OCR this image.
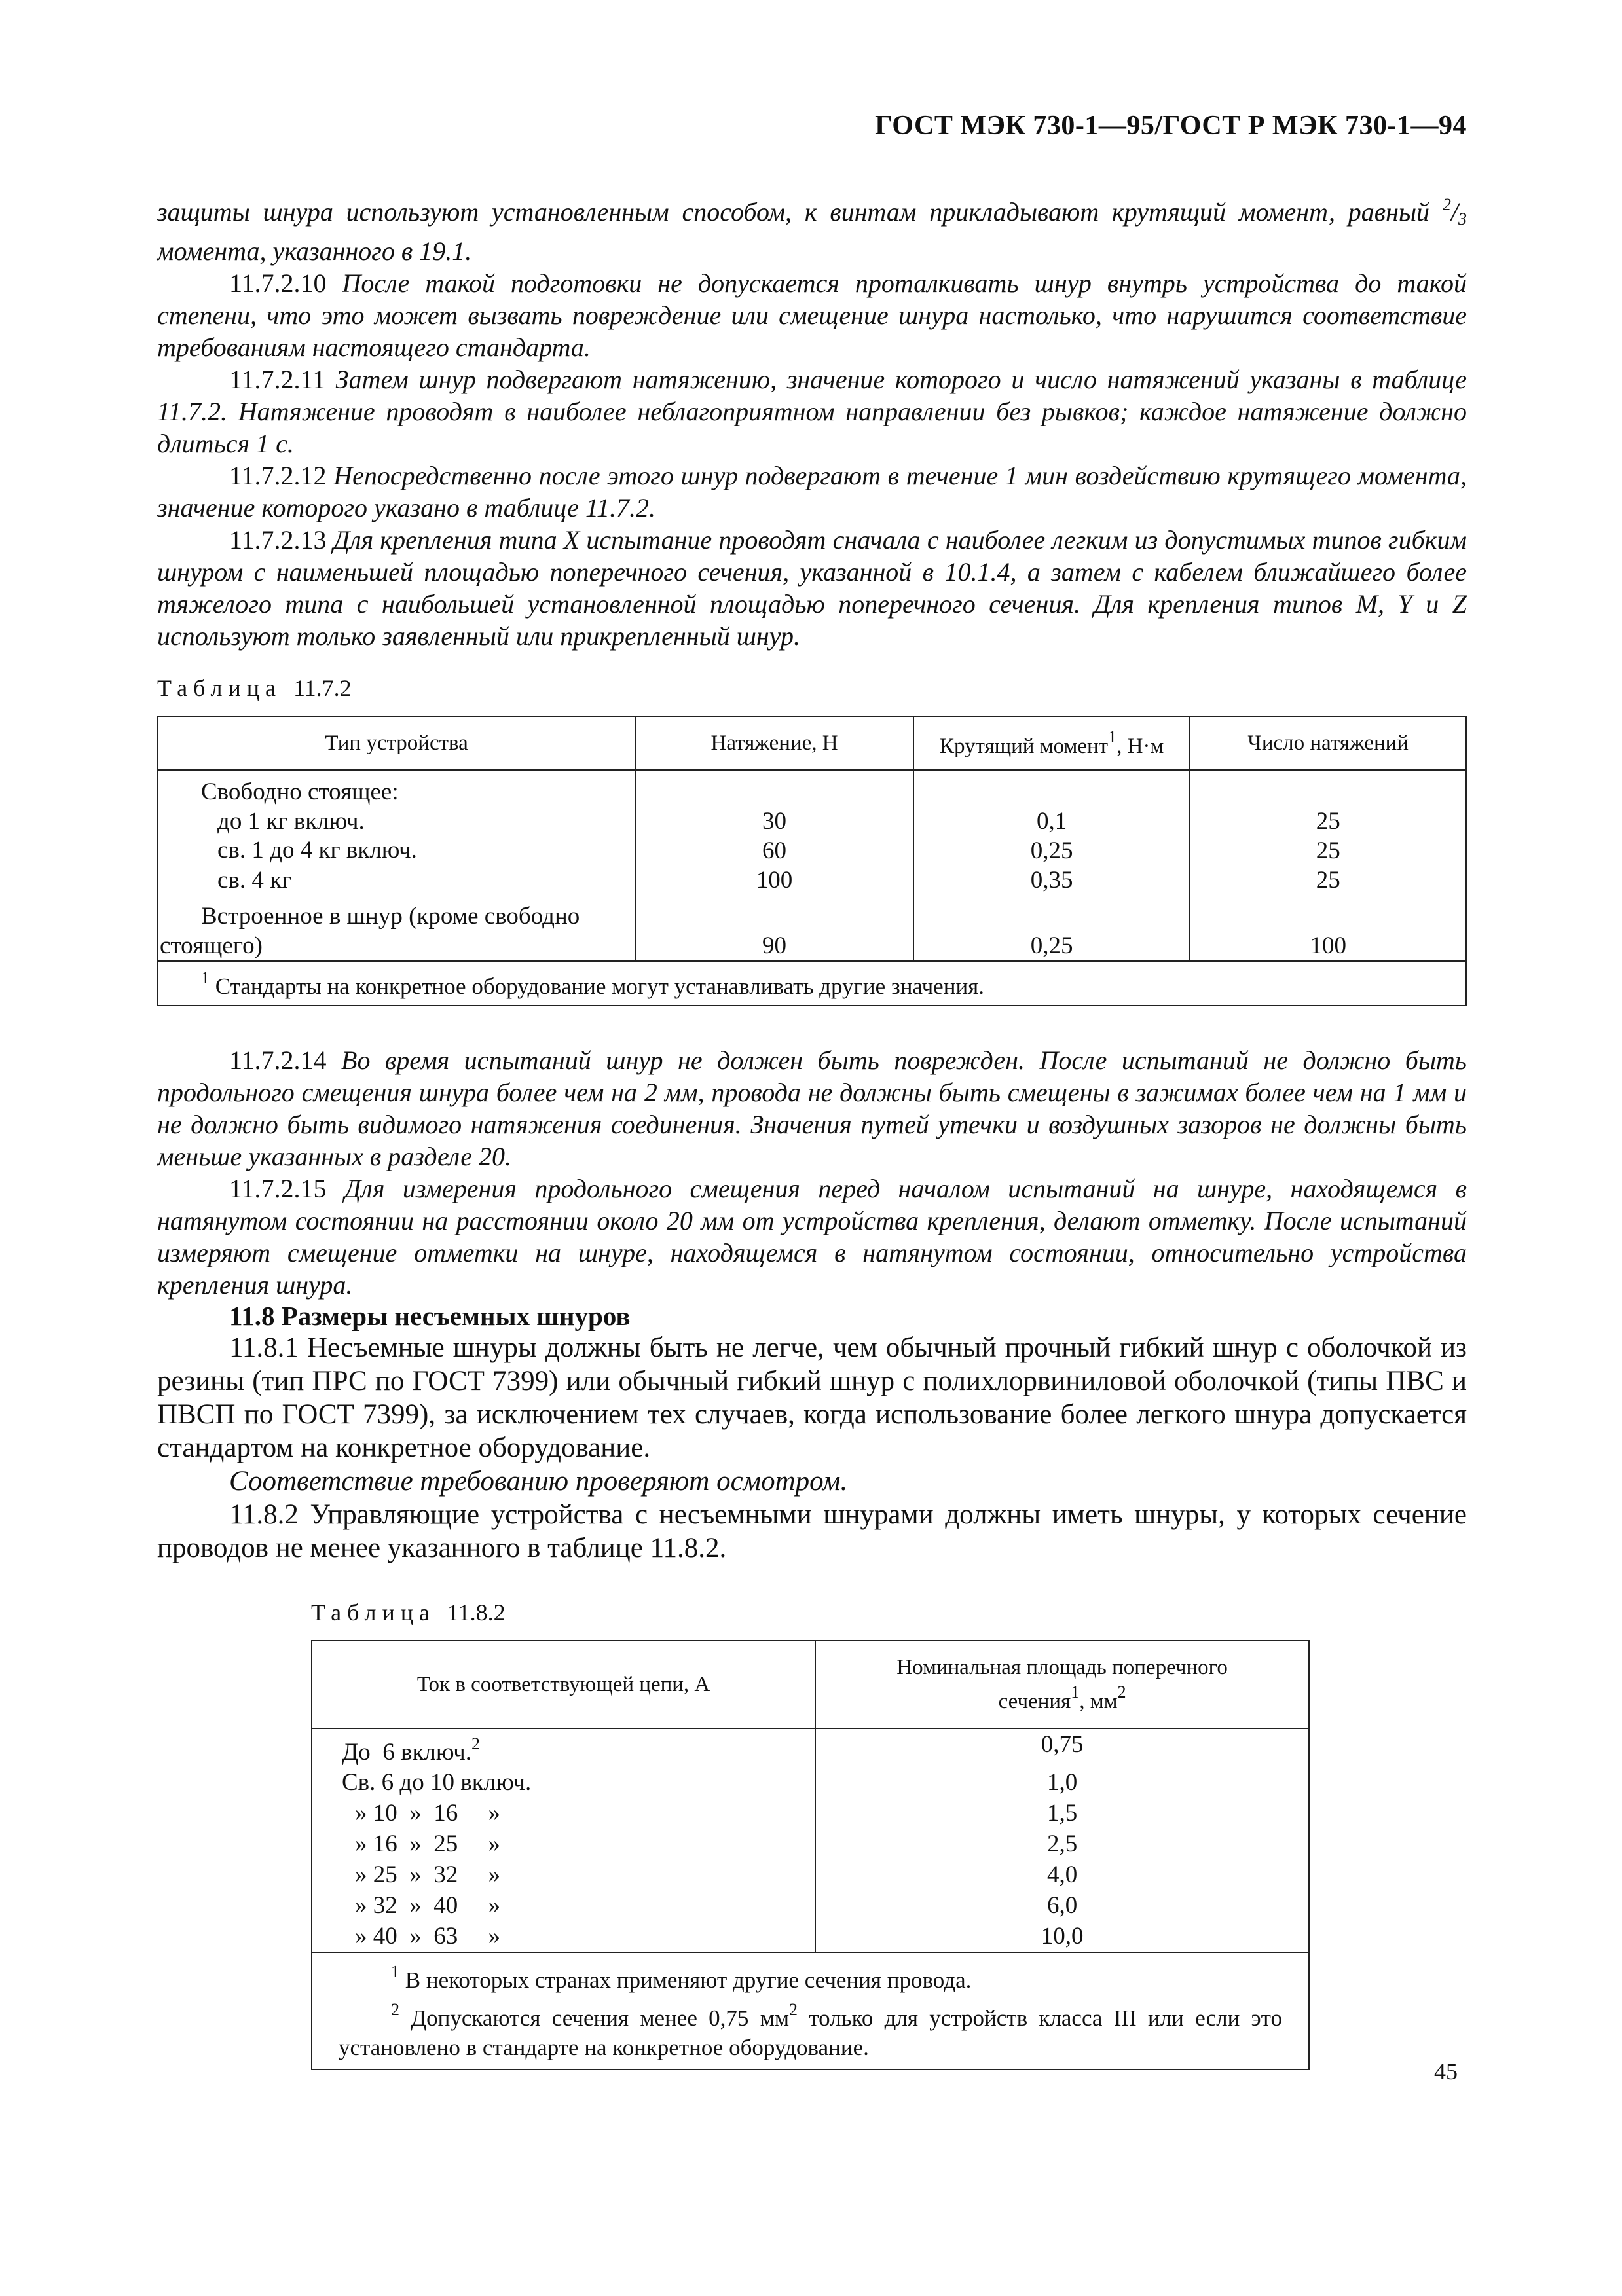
ГОСТ МЭК 730-1—95/ГОСТ Р МЭК 730-1—94

защиты шнура используют установленным способом, к винтам прикладывают крутящий момент, равный $^2/_3$ момента, указанного в 19.1.

11.7.2.10 После такой подготовки не допускается проталкивать шнур внутрь устройства до такой степени, что это может вызвать повреждение или смещение шнура настолько, что нарушится соответствие требованиям настоящего стандарта.

11.7.2.11 Затем шнур подвергают натяжению, значение которого и число натяжений указаны в таблице 11.7.2. Натяжение проводят в наиболее неблагоприятном направлении без рывков; каждое натяжение должно длиться 1 с.

11.7.2.12 Непосредственно после этого шнур подвергают в течение 1 мин воздействию крутящего момента, значение которого указано в таблице 11.7.2.

11.7.2.13 Для крепления типа X испытание проводят сначала с наиболее легким из допустимых типов гибким шнуром с наименьшей площадью поперечного сечения, указанной в 10.1.4, а затем с кабелем ближайшего более тяжелого типа с наибольшей установленной площадью поперечного сечения. Для крепления типов M, Y и Z используют только заявленный или прикрепленный шнур.

Таблица 11.7.2
Тип устройства	Натяжение, Н	Крутящий момент$^1$, Н·м	Число натяжений
Свободно стоящее:			
до 1 кг включ.	30	0,1	25
св. 1 до 4 кг включ.	60	0,25	25
св. 4 кг	100	0,35	25
Встроенное в шнур (кроме свободно			
стоящего)	90	0,25	100
$^1$ Стандарты на конкретное оборудование могут устанавливать другие значения.			

11.7.2.14 Во время испытаний шнур не должен быть поврежден. После испытаний не должно быть продольного смещения шнура более чем на 2 мм, провода не должны быть смещены в зажимах более чем на 1 мм и не должно быть видимого натяжения соединения. Значения путей утечки и воздушных зазоров не должны быть меньше указанных в разделе 20.

11.7.2.15 Для измерения продольного смещения перед началом испытаний на шнуре, находящемся в натянутом состоянии на расстоянии около 20 мм от устройства крепления, делают отметку. После испытаний измеряют смещение отметки на шнуре, находящемся в натянутом состоянии, относительно устройства крепления шнура.

11.8 Размеры несъемных шнуров

11.8.1 Несъемные шнуры должны быть не легче, чем обычный прочный гибкий шнур с оболочкой из резины (тип ПРС по ГОСТ 7399) или обычный гибкий шнур с полихлорвиниловой оболочкой (типы ПВС и ПВСП по ГОСТ 7399), за исключением тех случаев, когда использование более легкого шнура допускается стандартом на конкретное оборудование.

Соответствие требованию проверяют осмотром.

11.8.2 Управляющие устройства с несъемными шнурами должны иметь шнуры, у которых сечение проводов не менее указанного в таблице 11.8.2.

Таблица 11.8.2
Ток в соответствующей цепи, А	Номинальная площадь поперечного
сечения$^1$, $мм^2$
До  6 включ.$^2$	0,75
Св. 6 до 10 включ.	1,0
» 10  »  16     »	1,5
» 16  »  25     »	2,5
» 25  »  32     »	4,0
» 32  »  40     »	6,0
» 40  »  63     »	10,0

$^1$ В некоторых странах применяют другие сечения провода.
$^2$ Допускаются сечения менее 0,75 $мм^2$ только для устройств класса III или если это установлено в стандарте на конкретное оборудование.	
45
